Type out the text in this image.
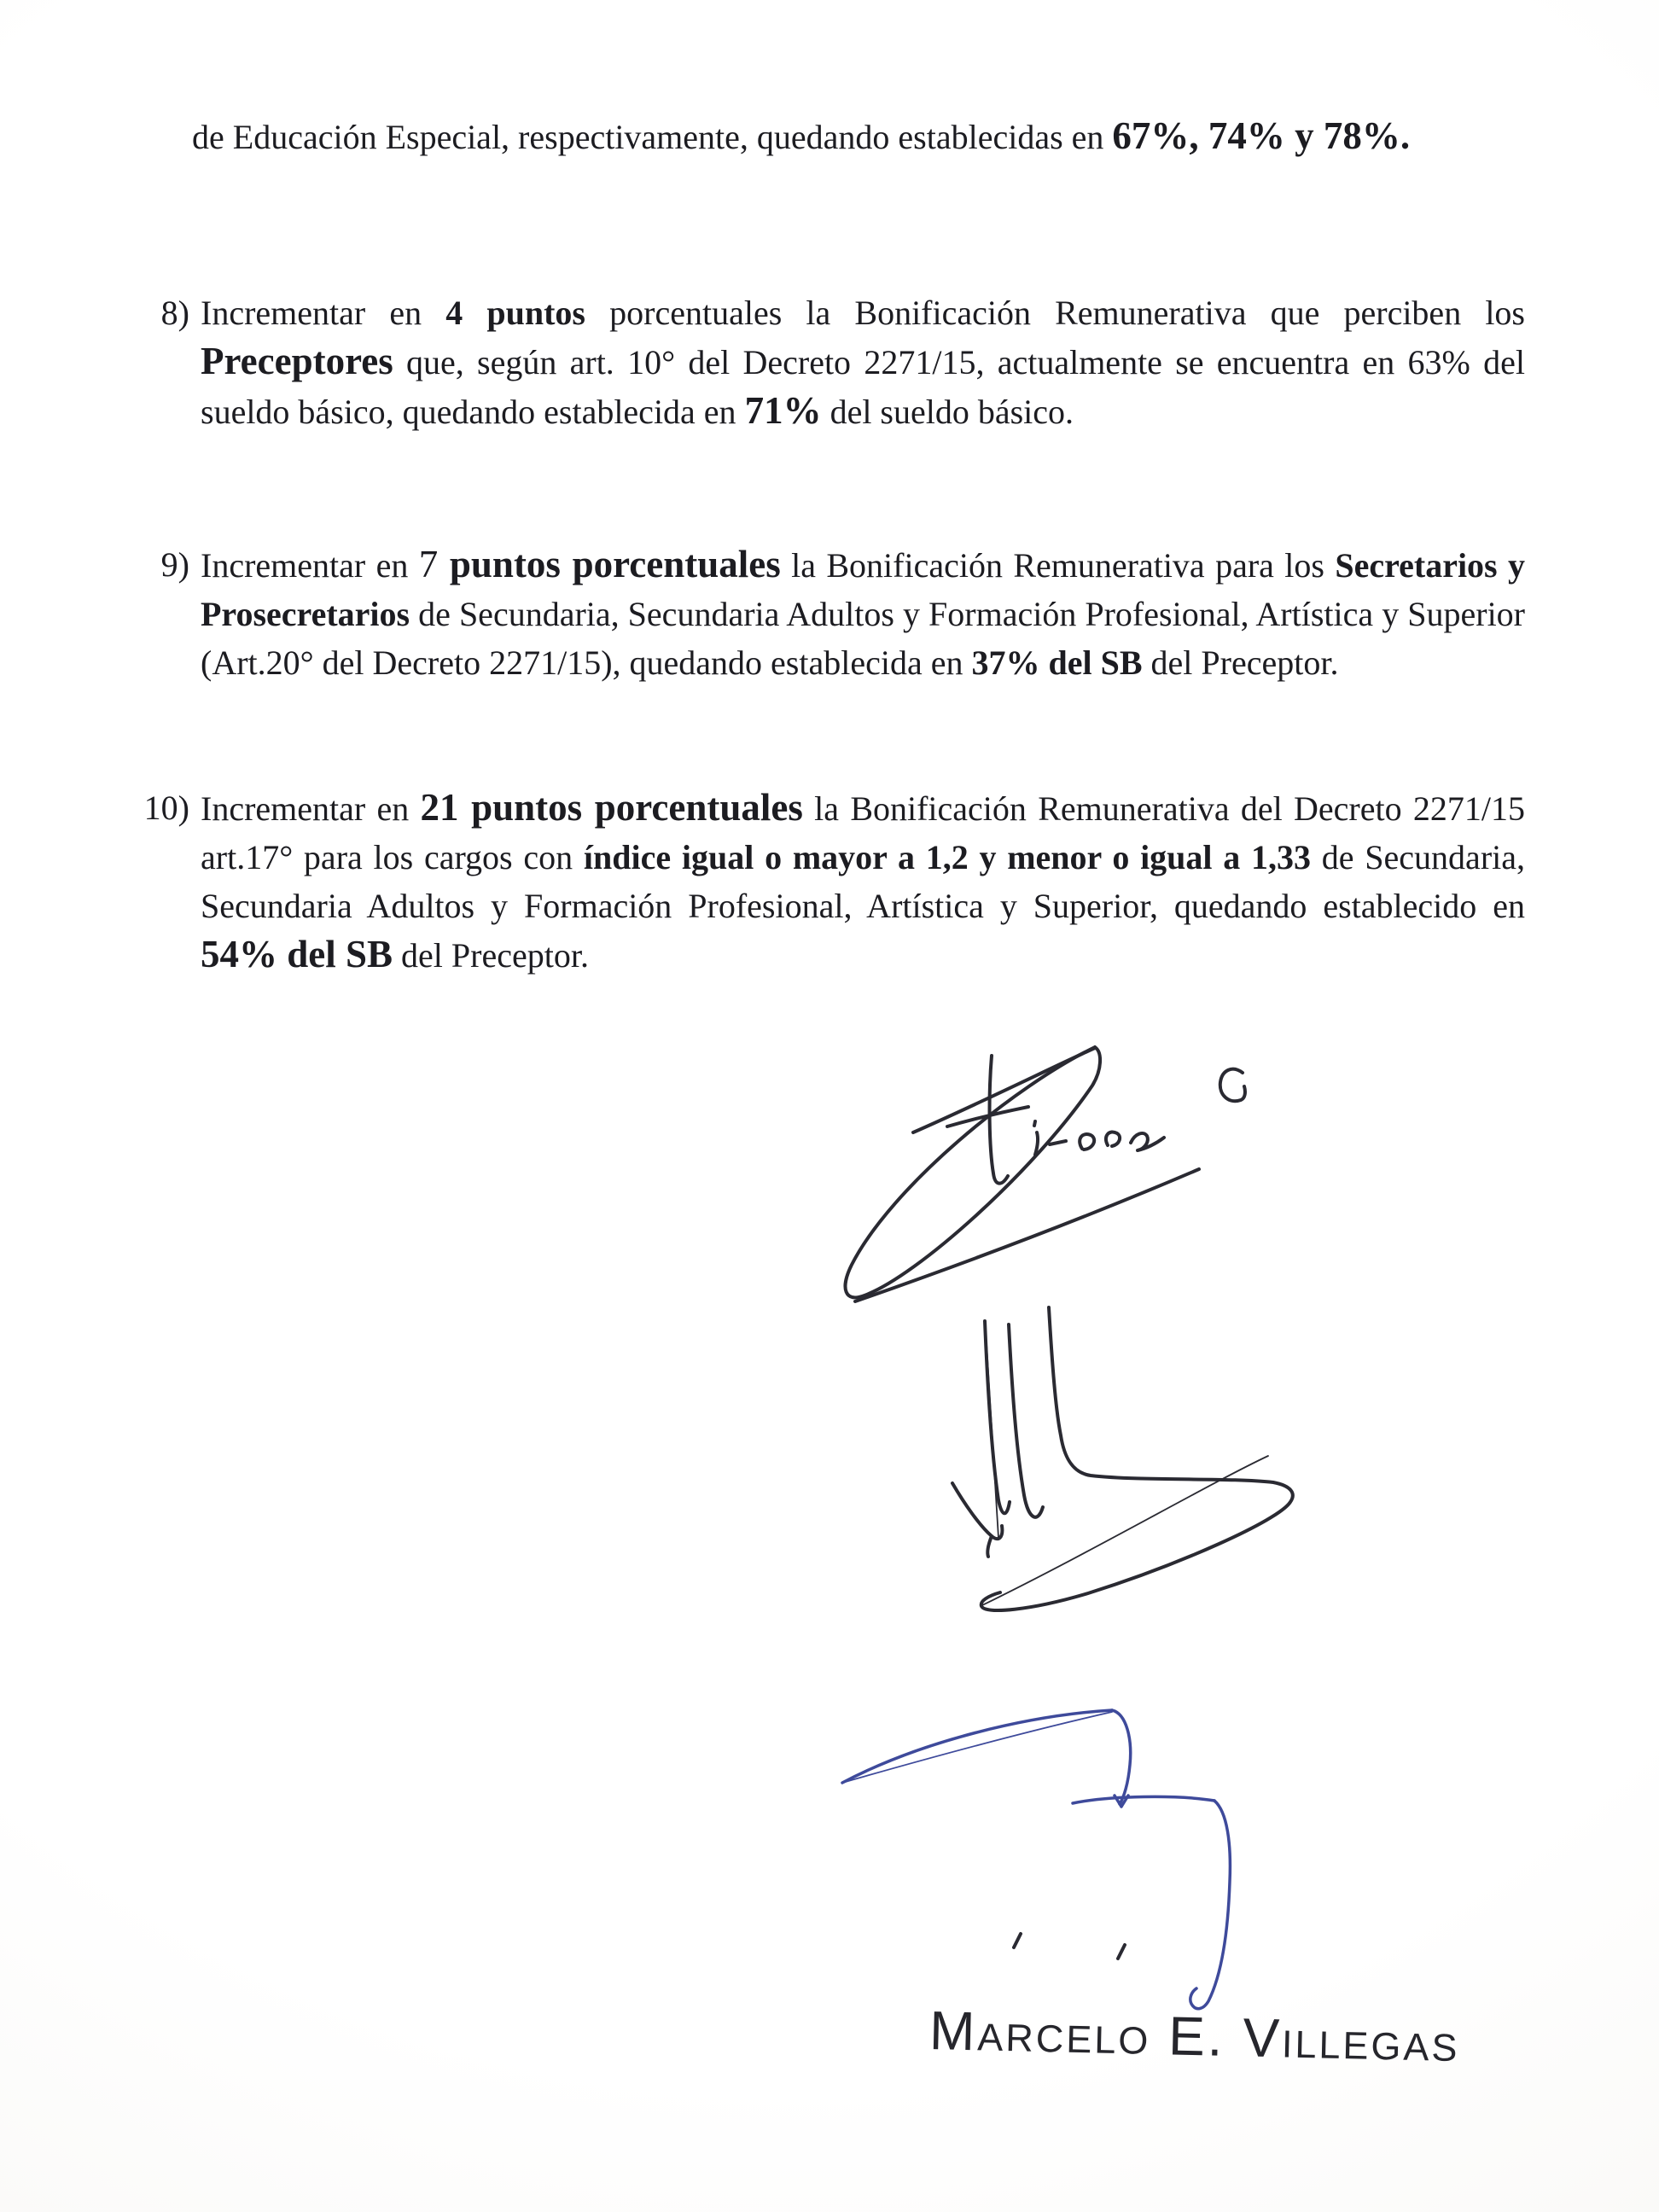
de Educación Especial, respectivamente, quedando establecidas en 67%, 74% y 78%.

8) Incrementar en 4 puntos porcentuales la Bonificación Remunerativa que perciben los Preceptores que, según art. 10° del Decreto 2271/15, actualmente se encuentra en 63% del sueldo básico, quedando establecida en 71% del sueldo básico.

9) Incrementar en 7 puntos porcentuales la Bonificación Remunerativa para los Secretarios y Prosecretarios de Secundaria, Secundaria Adultos y Formación Profesional, Artística y Superior (Art.20° del Decreto 2271/15), quedando establecida en 37% del SB del Preceptor.

10) Incrementar en 21 puntos porcentuales la Bonificación Remunerativa del Decreto 2271/15 art.17° para los cargos con índice igual o mayor a 1,2 y menor o igual a 1,33 de Secundaria, Secundaria Adultos y Formación Profesional, Artística y Superior, quedando establecido en 54% del SB del Preceptor.

Marcelo E. Villegas
